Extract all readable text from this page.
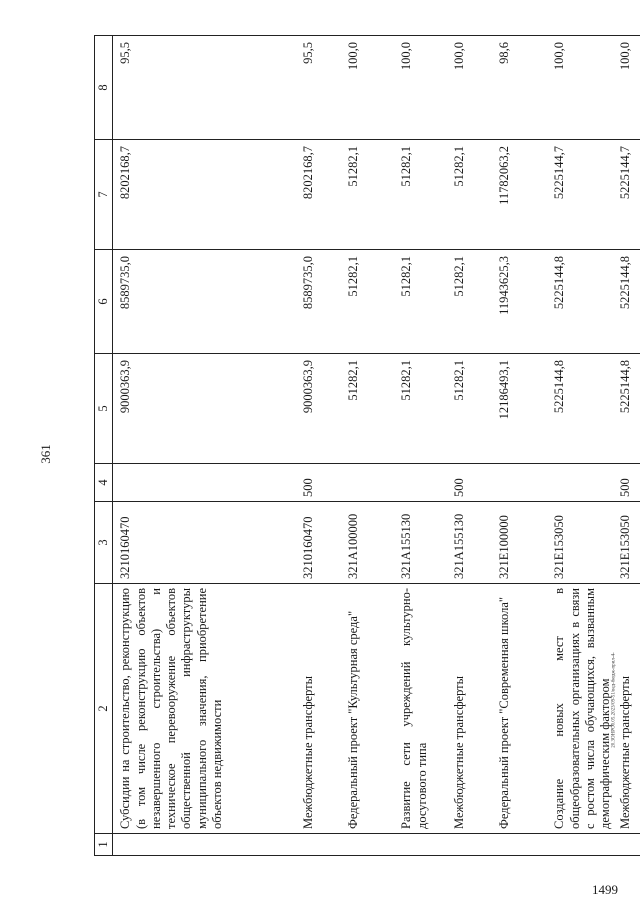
361
20.3OHPO0.05.2023/09-51/вед-бюдж-прил-4-
1499
1	2	3	4	5	6	7	8
	Субсидии на строительство, реконструкцию (в том числе реконструкцию объектов незавершенного строительства) и техническое перевооружение объектов общественной инфраструктуры муниципального значения, приобретение объектов недвижимости	3210160470		9000363,9	8589735,0	8202168,7	95,5
	Межбюджетные трансферты	3210160470	500	9000363,9	8589735,0	8202168,7	95,5
	Федеральный проект "Культурная среда"	321A100000		51282,1	51282,1	51282,1	100,0
	Развитие сети учреждений культурно-досугового типа	321A155130		51282,1	51282,1	51282,1	100,0
	Межбюджетные трансферты	321A155130	500	51282,1	51282,1	51282,1	100,0
	Федеральный проект "Современная школа"	321E100000		12186493,1	11943625,3	11782063,2	98,6
	Создание новых мест в общеобразовательных организациях в связи с ростом числа обучающихся, вызванным демографическим фактором	321E153050		5225144,8	5225144,8	5225144,7	100,0
	Межбюджетные трансферты	321E153050	500	5225144,8	5225144,8	5225144,7	100,0
